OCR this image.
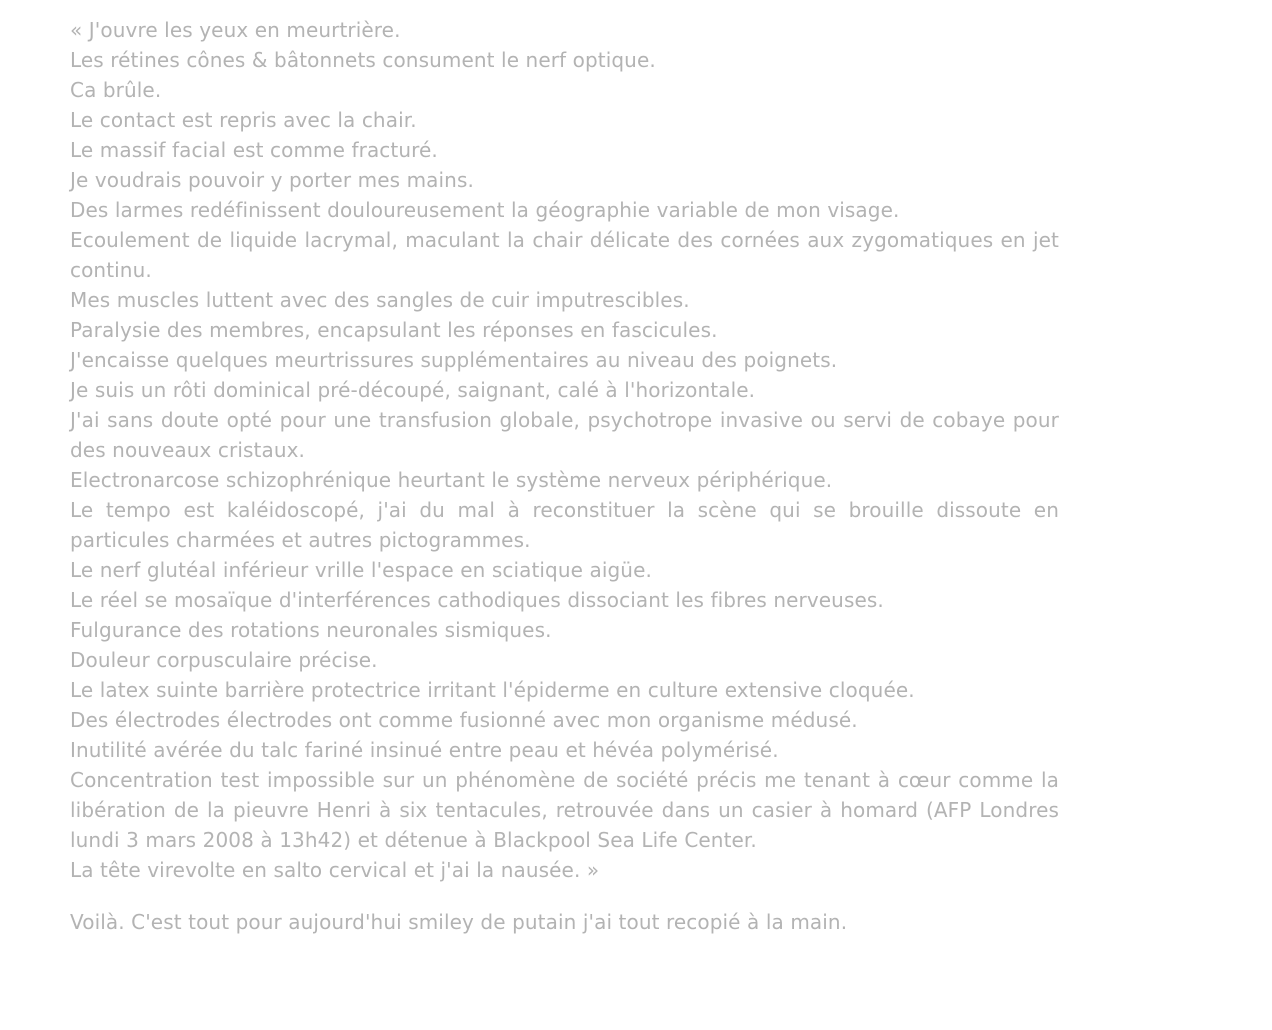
« J'ouvre les yeux en meurtrière.

Les rétines cônes & bâtonnets consument le nerf optique.

Ca brûle.

Le contact est repris avec la chair.

Le massif facial est comme fracturé.

Je voudrais pouvoir y porter mes mains.

Des larmes redéfinissent douloureusement la géographie variable de mon visage.

Ecoulement de liquide lacrymal, maculant la chair délicate des cornées aux zygomatiques en jet continu.

Mes muscles luttent avec des sangles de cuir imputrescibles.

Paralysie des membres, encapsulant les réponses en fascicules.

J'encaisse quelques meurtrissures supplémentaires au niveau des poignets.

Je suis un rôti dominical pré-découpé, saignant, calé à l'horizontale.

J'ai sans doute opté pour une transfusion globale, psychotrope invasive ou servi de cobaye pour des nouveaux cristaux.

Electronarcose schizophrénique heurtant le système nerveux périphérique.

Le tempo est kaléidoscopé, j'ai du mal à reconstituer la scène qui se brouille dissoute en particules charmées et autres pictogrammes.

Le nerf glutéal inférieur vrille l'espace en sciatique aigüe.

Le réel se mosaïque d'interférences cathodiques dissociant les fibres nerveuses.

Fulgurance des rotations neuronales sismiques.

Douleur corpusculaire précise.

Le latex suinte barrière protectrice irritant l'épiderme en culture extensive cloquée.

Des électrodes électrodes ont comme fusionné avec mon organisme médusé.

Inutilité avérée du talc fariné insinué entre peau et hévéa polymérisé.

Concentration test impossible sur un phénomène de société précis me tenant à cœur comme la libération de la pieuvre Henri à six tentacules, retrouvée dans un casier à homard (AFP Londres lundi 3 mars 2008 à 13h42) et détenue à Blackpool Sea Life Center.

La tête virevolte en salto cervical et j'ai la nausée. »

Voilà. C'est tout pour aujourd'hui smiley de putain j'ai tout recopié à la main.
